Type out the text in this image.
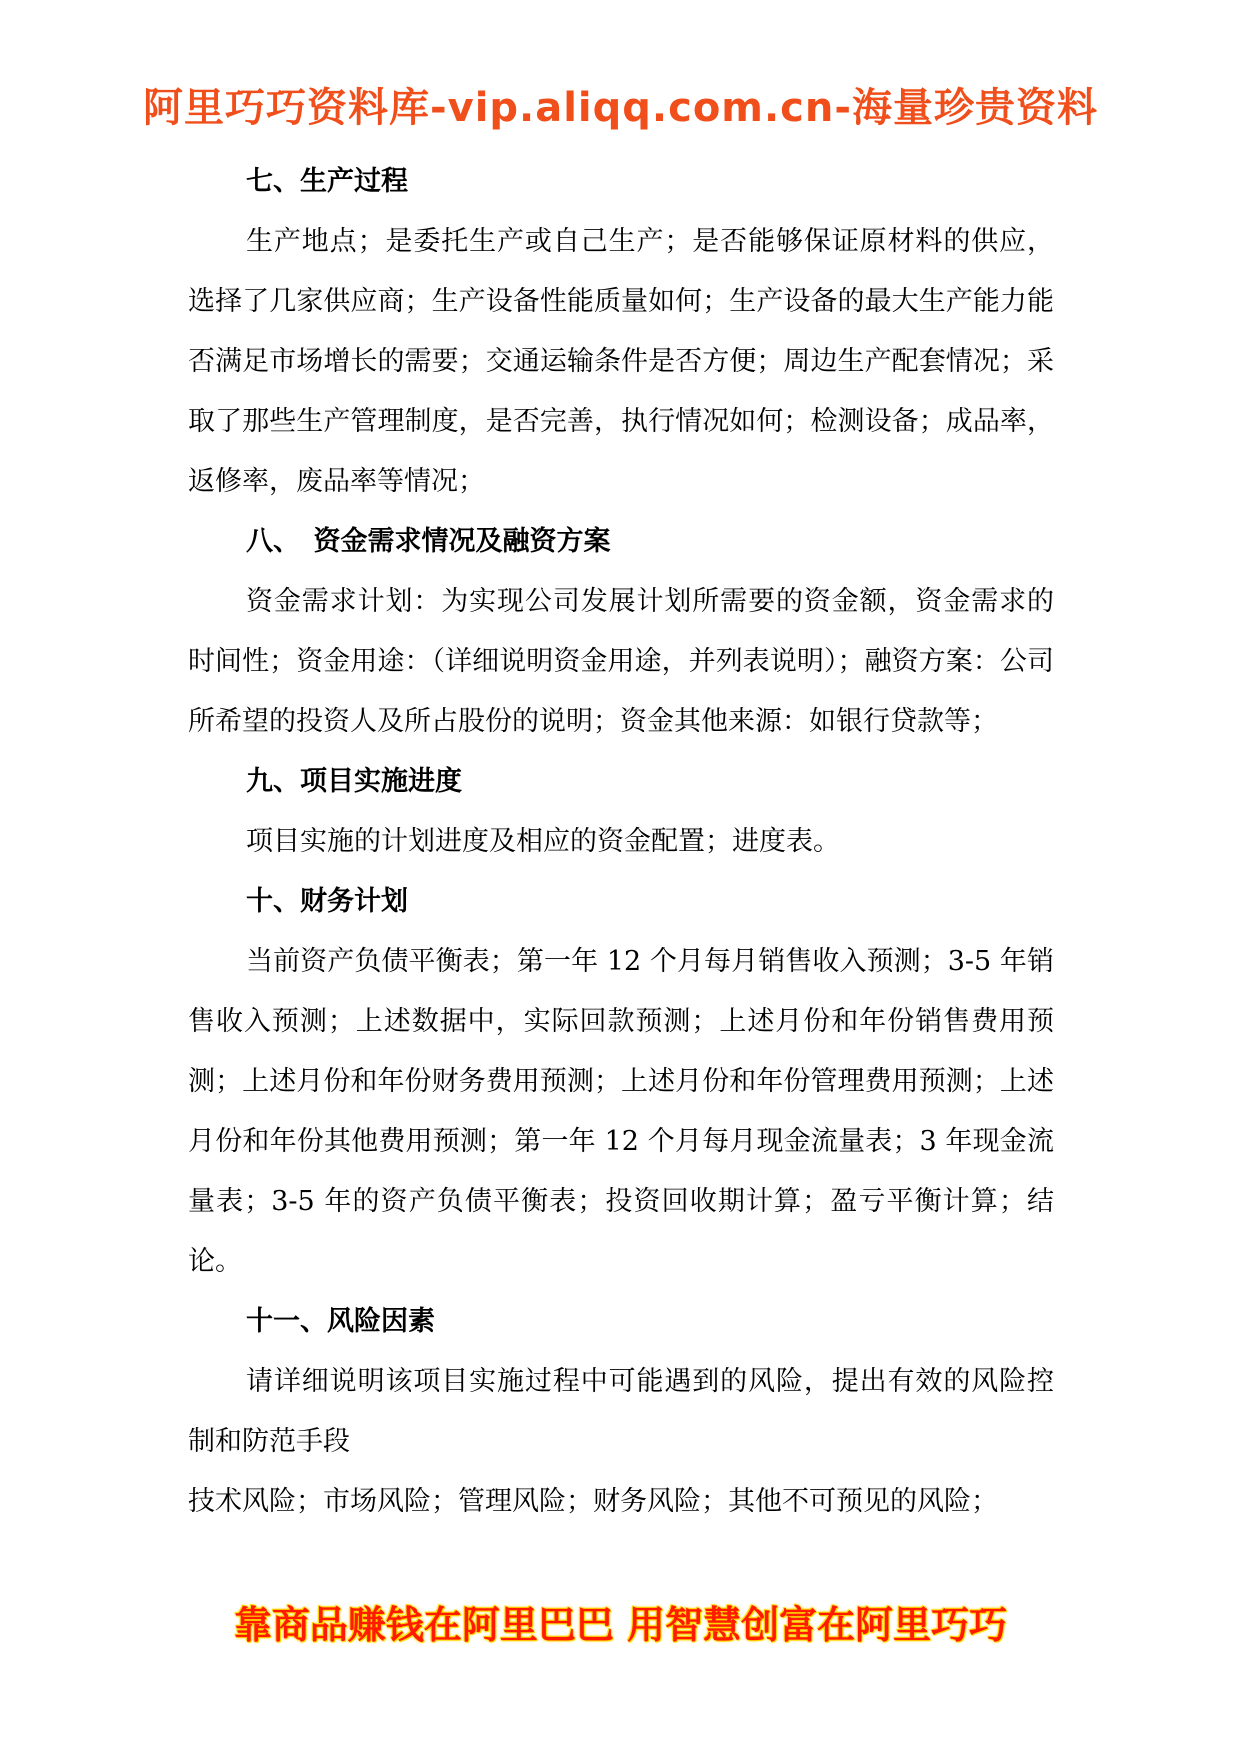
阿里巧巧资料库-vip.aliqq.com.cn-海量珍贵资料
七、生产过程

生产地点；是委托生产或自己生产；是否能够保证原材料的供应，选择了几家供应商；生产设备性能质量如何；生产设备的最大生产能力能否满足市场增长的需要；交通运输条件是否方便；周边生产配套情况；采取了那些生产管理制度，是否完善，执行情况如何；检测设备；成品率，返修率，废品率等情况；

八、　资金需求情况及融资方案

资金需求计划：为实现公司发展计划所需要的资金额，资金需求的时间性；资金用途：（详细说明资金用途，并列表说明）；融资方案：公司所希望的投资人及所占股份的说明；资金其他来源：如银行贷款等；

九、项目实施进度

项目实施的计划进度及相应的资金配置；进度表。

十、财务计划

当前资产负债平衡表；第一年 12 个月每月销售收入预测；3-5 年销售收入预测；上述数据中，实际回款预测；上述月份和年份销售费用预测；上述月份和年份财务费用预测；上述月份和年份管理费用预测；上述月份和年份其他费用预测；第一年 12 个月每月现金流量表；3 年现金流量表；3-5 年的资产负债平衡表；投资回收期计算；盈亏平衡计算；结论。

十一、风险因素

请详细说明该项目实施过程中可能遇到的风险，提出有效的风险控制和防范手段

技术风险；市场风险；管理风险；财务风险；其他不可预见的风险；

靠商品赚钱在阿里巴巴 用智慧创富在阿里巧巧
